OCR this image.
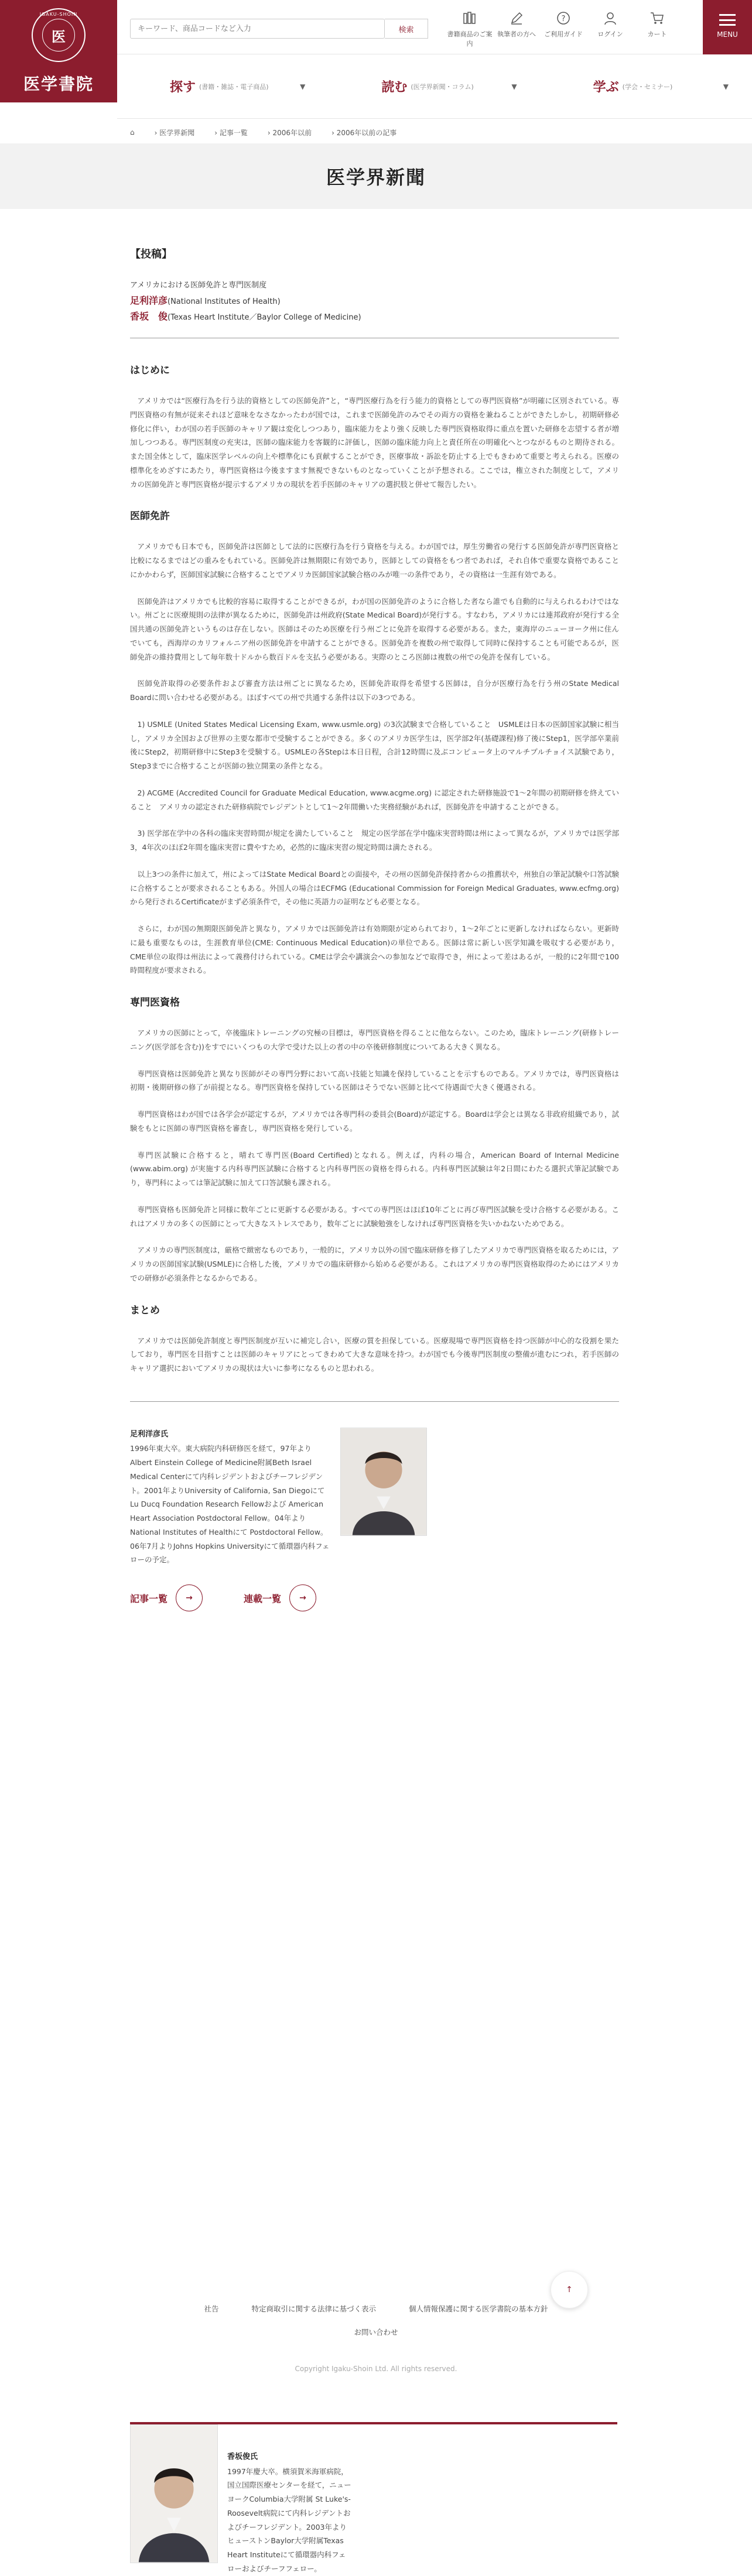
キーワード、商品コードなど入力
検索	書籍商品のご案内
執筆者の方へ
?
ご利用ガイド	ログイン	カート	MENU
IGAKU-SHOIN
医
医学書院	探す (書籍・雑誌・電子商品)	▼	読む (医学界新聞・コラム)	▼	学ぶ (学会・セミナー)	▼
⌂	› 医学界新聞	› 記事一覧	› 2006年以前	› 2006年以前の記事
医学界新聞
【投稿】
アメリカにおける医師免許と専門医制度
足利洋彦(National Institutes of Health)
香坂　俊(Texas Heart Institute／Baylor College of Medicine)
はじめに

アメリカでは“医療行為を行う法的資格としての医師免許”と，“専門医療行為を行う能力的資格としての専門医資格”が明確に区別されている。専門医資格の有無が従来それほど意味をなさなかったわが国では，これまで医師免許のみでその両方の資格を兼ねることができたしかし，初期研修必修化に伴い，わが国の若手医師のキャリア観は変化しつつあり，臨床能力をより強く反映した専門医資格取得に重点を置いた研修を志望する者が増加しつつある。専門医制度の充実は，医師の臨床能力を客観的に評価し，医師の臨床能力向上と責任所在の明確化へとつながるものと期待される。また国全体として，臨床医学レベルの向上や標準化にも貢献することができ，医療事故・訴訟を防止する上でもきわめて重要と考えられる。医療の標準化をめざすにあたり，専門医資格は今後ますます無視できないものとなっていくことが予想される。ここでは，権立された制度として，アメリカの医師免許と専門医資格が提示するアメリカの現状を若手医師のキャリアの選択肢と併せて報告したい。

医師免許

アメリカでも日本でも，医師免許は医師として法的に医療行為を行う資格を与える。わが国では，厚生労働省の発行する医師免許が専門医資格と比較になるまではどの重みをもれている。医師免許は無期限に有効であり，医師としての資格をもつ者であれば，それ自体で重要な資格であることにかかわらず，医師国家試験に合格することでアメリカ医師国家試験合格のみが唯一の条件であり，その資格は一生涯有効である。

医師免許はアメリカでも比較的容易に取得することができるが，わが国の医師免許のように合格した者なら誰でも自動的に与えられるわけではない。州ごとに医療規則の法律が異なるために，医師免許は州政府(State Medical Board)が発行する。すなわち，アメリカには連邦政府が発行する全国共通の医師免許というものは存在しない。医師はそのため医療を行う州ごとに免許を取得する必要がある。また，東海岸のニューヨーク州に住んでいても，西海岸のカリフォルニア州の医師免許を申請することができる。医師免許を複数の州で取得して同時に保持することも可能であるが，医師免許の維持費用として毎年数十ドルから数百ドルを支払う必要がある。実際のところ医師は複数の州での免許を保有している。

医師免許取得の必要条件および審査方法は州ごとに異なるため，医師免許取得を希望する医師は，自分が医療行為を行う州のState Medical Boardに問い合わせる必要がある。ほぼすべての州で共通する条件は以下の3つである。

1) USMLE (United States Medical Licensing Exam, www.usmle.org) の3次試験まで合格していること　USMLEは日本の医師国家試験に相当し，アメリカ全国および世界の主要な都市で受験することができる。多くのアメリカ医学生は，医学部2年(基礎課程)修了後にStep1，医学部卒業前後にStep2，初期研修中にStep3を受験する。USMLEの各Stepは本日日程，合計12時間に及ぶコンピュータ上のマルチプルチョイス試験であり，Step3までに合格することが医師の独立開業の条件となる。

2) ACGME (Accredited Council for Graduate Medical Education, www.acgme.org) に認定された研修施設で1〜2年間の初期研修を終えていること　アメリカの認定された研修病院でレジデントとして1〜2年間働いた実務経験があれば，医師免許を申請することができる。

3) 医学部在学中の各科の臨床実習時間が規定を満たしていること　規定の医学部在学中臨床実習時間は州によって異なるが，アメリカでは医学部3，4年次のほぼ2年間を臨床実習に費やすため，必然的に臨床実習の規定時間は満たされる。

以上3つの条件に加えて，州によってはState Medical Boardとの面接や，その州の医師免許保持者からの推薦状や，州独自の筆記試験や口答試験に合格することが要求されることもある。外国人の場合はECFMG (Educational Commission for Foreign Medical Graduates, www.ecfmg.org) から発行されるCertificateがまず必須条件で，その他に英語力の証明なども必要となる。

さらに，わが国の無期限医師免許と異なり，アメリカでは医師免許は有効期限が定められており，1〜2年ごとに更新しなければならない。更新時に最も重要なものは，生涯教育単位(CME: Continuous Medical Education)の単位である。医師は常に新しい医学知識を吸収する必要があり，CME単位の取得は州法によって義務付けられている。CMEは学会や講演会への参加などで取得でき，州によって差はあるが，一般的に2年間で100時間程度が要求される。

専門医資格

アメリカの医師にとって，卒後臨床トレーニングの究極の目標は，専門医資格を得ることに他ならない。このため，臨床トレーニング(研修トレーニング(医学部を含む))をすでにいくつもの大学で受けた以上の者の中の卒後研修制度についてある大きく異なる。

専門医資格は医師免許と異なり医師がその専門分野において高い技能と知識を保持していることを示すものである。アメリカでは，専門医資格は初期・後期研修の修了が前提となる。専門医資格を保持している医師はそうでない医師と比べて待遇面で大きく優遇される。

専門医資格はわが国では各学会が認定するが，アメリカでは各専門科の委員会(Board)が認定する。Boardは学会とは異なる非政府組織であり，試験をもとに医師の専門医資格を審査し，専門医資格を発行している。

専門医試験に合格すると，晴れて専門医(Board Certified)となれる。例えば，内科の場合，American Board of Internal Medicine (www.abim.org) が実施する内科専門医試験に合格すると内科専門医の資格を得られる。内科専門医試験は年2日間にわたる選択式筆記試験であり，専門科によっては筆記試験に加えて口答試験も課される。

専門医資格も医師免許と同様に数年ごとに更新する必要がある。すべての専門医はほぼ10年ごとに再び専門医試験を受け合格する必要がある。これはアメリカの多くの医師にとって大きなストレスであり，数年ごとに試験勉強をしなければ専門医資格を失いかねないためである。

アメリカの専門医制度は，厳格で緻密なものであり，一般的に，アメリカ以外の国で臨床研修を修了したアメリカで専門医資格を取るためには，アメリカの医師国家試験(USMLE)に合格した後，アメリカでの臨床研修から始める必要がある。これはアメリカの専門医資格取得のためにはアメリカでの研修が必須条件となるからである。

まとめ

アメリカでは医師免許制度と専門医制度が互いに補完し合い，医療の質を担保している。医療現場で専門医資格を持つ医師が中心的な役割を果たしており，専門医を目指すことは医師のキャリアにとってきわめて大きな意味を持つ。わが国でも今後専門医制度の整備が進むにつれ，若手医師のキャリア選択においてアメリカの現状は大いに参考になるものと思われる。

足利洋彦氏
1996年東大卒。東大病院内科研修医を経て，97年よりAlbert Einstein College of Medicine附属Beth Israel Medical Centerにて内科レジデントおよびチーフレジデント。2001年よりUniversity of California, San Diegoにて Lu Ducq Foundation Research Fellowおよび American Heart Association Postdoctoral Fellow。04年よりNational Institutes of Healthにて Postdoctoral Fellow。06年7月よりJohns Hopkins Universityにて循環器内科フェローの予定。
記事一覧	→	連載一覧	→
↑
社告	特定商取引に関する法律に基づく表示	個人情報保護に関する医学書院の基本方針
お問い合わせ
Copyright Igaku-Shoin Ltd. All rights reserved.
香坂俊氏
1997年慶大卒。横須賀米海軍病院，国立国際医療センターを経て，ニューヨークColumbia大学附属 St Luke's-Roosevelt病院にて内科レジデントおよびチーフレジデント。2003年よりヒューストンBaylor大学附属Texas Heart Instituteにて循環器内科フェローおよびチーフフェロー。
